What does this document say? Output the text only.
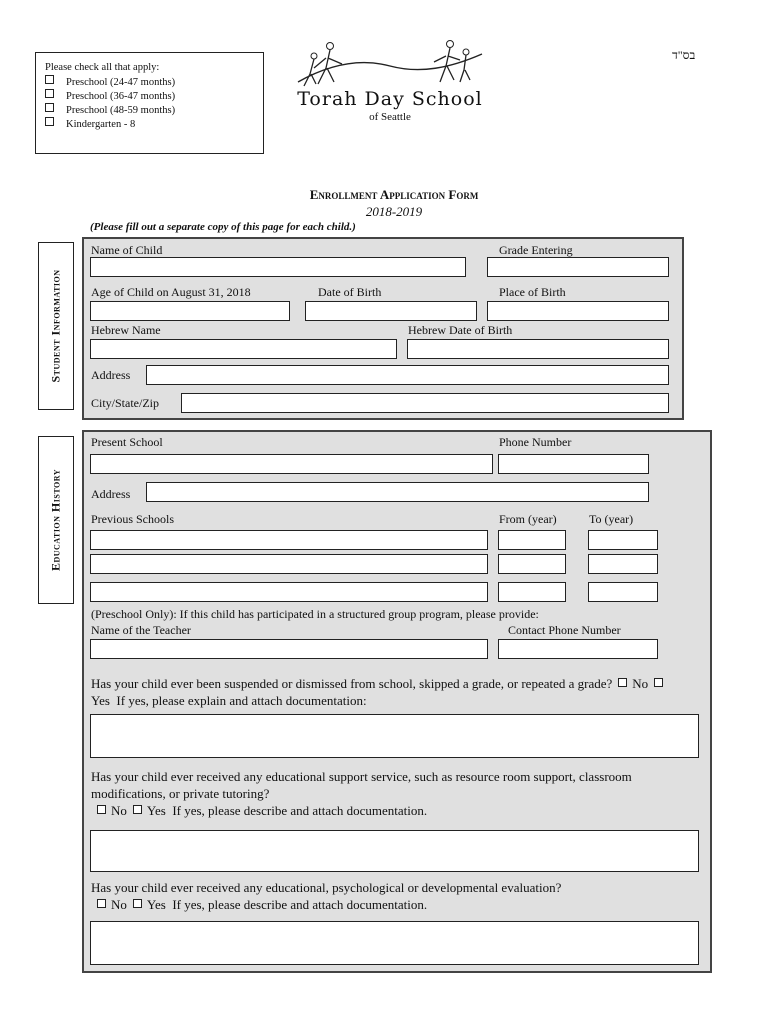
Please check all that apply:
Preschool (24-47 months)
Preschool (36-47 months)
Preschool (48-59 months)
Kindergarten - 8
Torah Day School
of Seattle
בס"ד
Enrollment Application Form
2018-2019
(Please fill out a separate copy of this page for each child.)
Student Information
Name of Child	Grade Entering
Age of Child on August 31, 2018	Date of Birth	Place of Birth
Hebrew Name	Hebrew Date of Birth
Address
City/State/Zip
Education History
Present School	Phone Number
Address
Previous Schools	From (year)	To (year)
(Preschool Only): If this child has participated in a structured group program, please provide:
Name of the Teacher	Contact Phone Number
Has your child ever been suspended or dismissed from school, skipped a grade, or repeated a grade? NoYes If yes, please explain and attach documentation:
Has your child ever received any educational support service, such as resource room support, classroom modifications, or private tutoring?
No Yes If yes, please describe and attach documentation.
Has your child ever received any educational, psychological or developmental evaluation?
No Yes If yes, please describe and attach documentation.
